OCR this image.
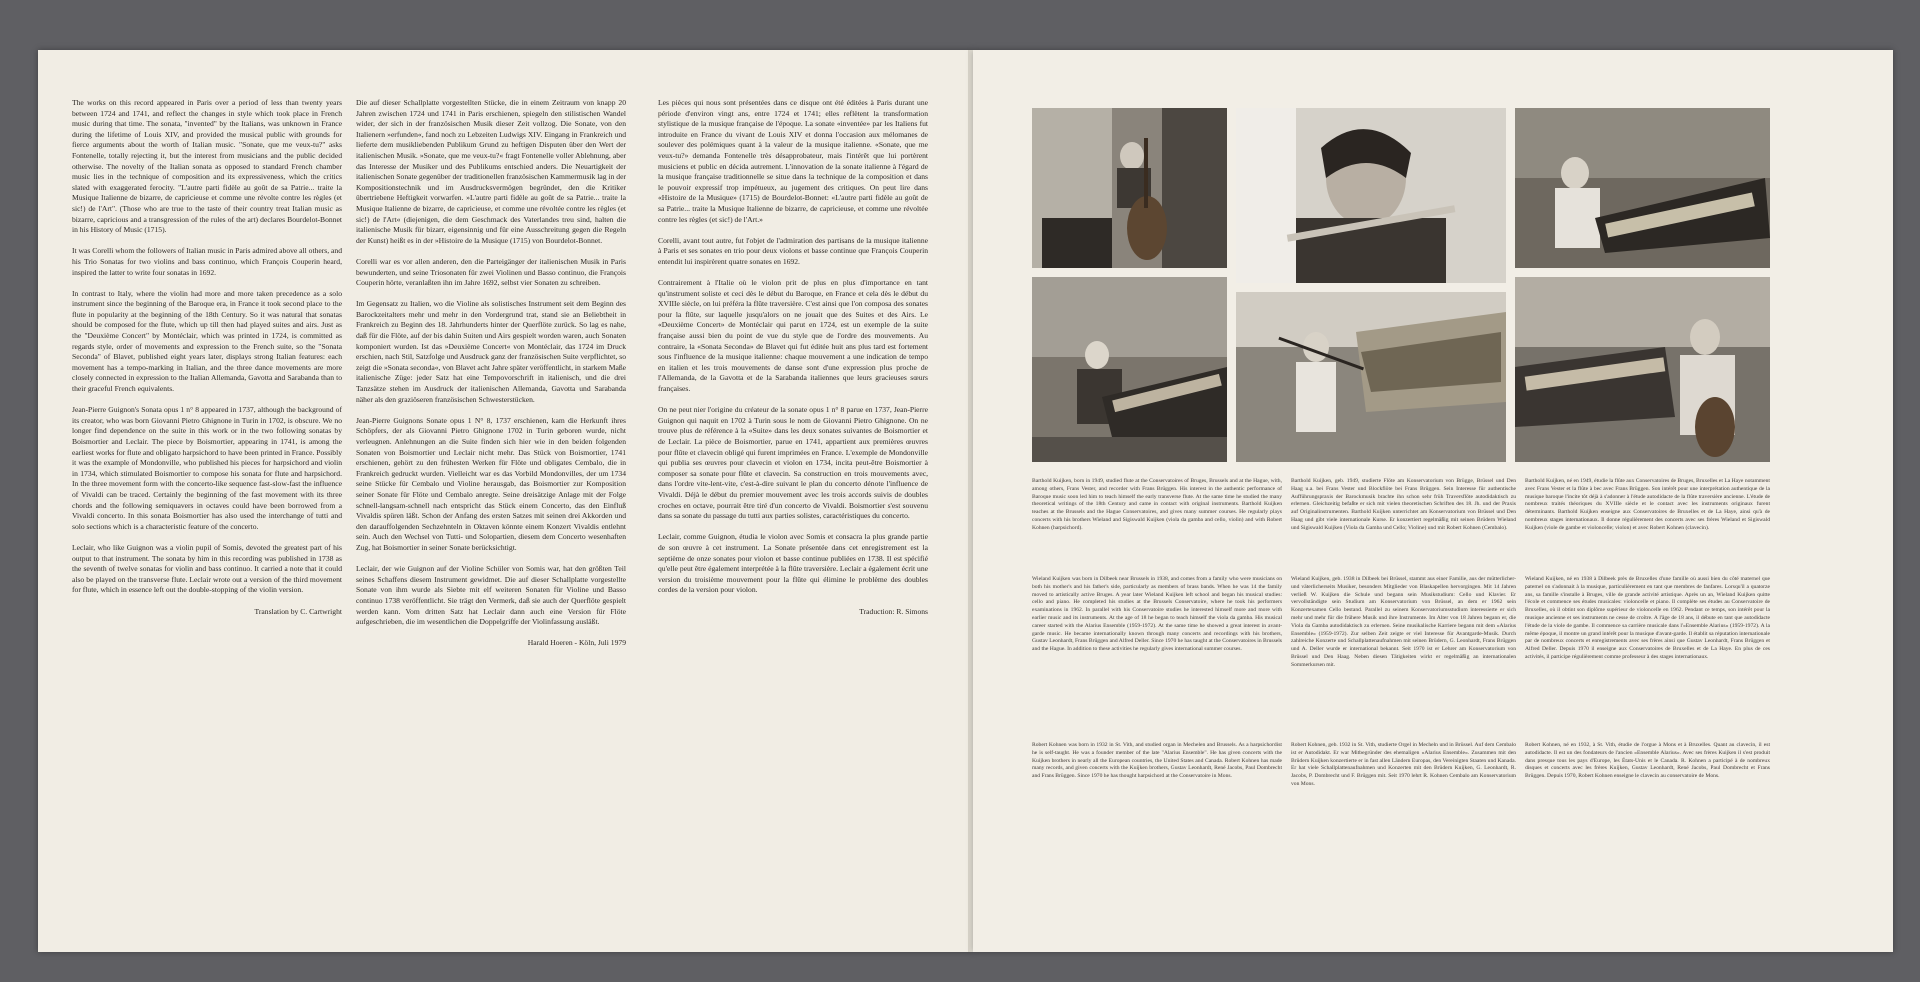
The works on this record appeared in Paris over a period of less than twenty years between 1724 and 1741, and reflect the changes in style which took place in French music during that time. The sonata, "invented" by the Italians, was unknown in France during the lifetime of Louis XIV, and provided the musical public with grounds for fierce arguments about the worth of Italian music. "Sonate, que me veux-tu?" asks Fontenelle, totally rejecting it, but the interest from musicians and the public decided otherwise. The novelty of the Italian sonata as opposed to standard French chamber music lies in the technique of composition and its expressiveness, which the critics slated with exaggerated ferocity. "L'autre parti fidèle au goût de sa Patrie... traite la Musique Italienne de bizarre, de capricieuse et comme une révolte contre les règles (et sic!) de l'Art". (Those who are true to the taste of their country treat Italian music as bizarre, capricious and a transgression of the rules of the art) declares Bourdelot-Bonnet in his History of Music (1715).

It was Corelli whom the followers of Italian music in Paris admired above all others, and his Trio Sonatas for two violins and bass continuo, which François Couperin heard, inspired the latter to write four sonatas in 1692.

In contrast to Italy, where the violin had more and more taken precedence as a solo instrument since the beginning of the Baroque era, in France it took second place to the flute in popularity at the beginning of the 18th Century. So it was natural that sonatas should be composed for the flute, which up till then had played suites and airs. Just as the "Deuxième Concert" by Montéclair, which was printed in 1724, is committed as regards style, order of movements and expression to the French suite, so the "Sonata Seconda" of Blavet, published eight years later, displays strong Italian features: each movement has a tempo-marking in Italian, and the three dance movements are more closely connected in expression to the Italian Allemanda, Gavotta and Sarabanda than to their graceful French equivalents.

Jean-Pierre Guignon's Sonata opus 1 n° 8 appeared in 1737, although the background of its creator, who was born Giovanni Pietro Ghignone in Turin in 1702, is obscure. We no longer find dependence on the suite in this work or in the two following sonatas by Boismortier and Leclair. The piece by Boismortier, appearing in 1741, is among the earliest works for flute and obligato harpsichord to have been printed in France. Possibly it was the example of Mondonville, who published his pieces for harpsichord and violin in 1734, which stimulated Boismortier to compose his sonata for flute and harpsichord. In the three movement form with the concerto-like sequence fast-slow-fast the influence of Vivaldi can be traced. Certainly the beginning of the fast movement with its three chords and the following semiquavers in octaves could have been borrowed from a Vivaldi concerto. In this sonata Boismortier has also used the interchange of tutti and solo sections which is a characteristic feature of the concerto.

Leclair, who like Guignon was a violin pupil of Somis, devoted the greatest part of his output to that instrument. The sonata by him in this recording was published in 1738 as the seventh of twelve sonatas for violin and bass continuo. It carried a note that it could also be played on the transverse flute. Leclair wrote out a version of the third movement for flute, which in essence left out the double-stopping of the violin version.

Translation by C. Cartwright

Die auf dieser Schallplatte vorgestellten Stücke, die in einem Zeitraum von knapp 20 Jahren zwischen 1724 und 1741 in Paris erschienen, spiegeln den stilistischen Wandel wider, der sich in der französischen Musik dieser Zeit vollzog. Die Sonate, von den Italienern »erfunden«, fand noch zu Lebzeiten Ludwigs XIV. Eingang in Frankreich und lieferte dem musikliebenden Publikum Grund zu heftigen Disputen über den Wert der italienischen Musik. »Sonate, que me veux-tu?« fragt Fontenelle voller Ablehnung, aber das Interesse der Musiker und des Publikums entschied anders. Die Neuartigkeit der italienischen Sonate gegenüber der traditionellen französischen Kammermusik lag in der Kompositionstechnik und im Ausdrucksvermögen begründet, den die Kritiker übertriebene Heftigkeit vorwarfen. »L'autre parti fidèle au goût de sa Patrie... traite la Musique Italienne de bizarre, de capricieuse, et comme une révoltée contre les règles (et sic!) de l'Art« (diejenigen, die dem Geschmack des Vaterlandes treu sind, halten die italienische Musik für bizarr, eigensinnig und für eine Ausschreitung gegen die Regeln der Kunst) heißt es in der »Histoire de la Musique (1715) von Bourdelot-Bonnet.

Corelli war es vor allen anderen, den die Parteigänger der italienischen Musik in Paris bewunderten, und seine Triosonaten für zwei Violinen und Basso continuo, die François Couperin hörte, veranlaßten ihn im Jahre 1692, selbst vier Sonaten zu schreiben.

Im Gegensatz zu Italien, wo die Violine als solistisches Instrument seit dem Beginn des Barockzeitalters mehr und mehr in den Vordergrund trat, stand sie an Beliebtheit in Frankreich zu Beginn des 18. Jahrhunderts hinter der Querflöte zurück. So lag es nahe, daß für die Flöte, auf der bis dahin Suiten und Airs gespielt worden waren, auch Sonaten komponiert wurden. Ist das »Deuxième Concert« von Montéclair, das 1724 im Druck erschien, nach Stil, Satzfolge und Ausdruck ganz der französischen Suite verpflichtet, so zeigt die »Sonata seconda«, von Blavet acht Jahre später veröffentlicht, in starkem Maße italienische Züge: jeder Satz hat eine Tempovorschrift in italienisch, und die drei Tanzsätze stehen im Ausdruck der italienischen Allemanda, Gavotta und Sarabanda näher als den graziöseren französischen Schwesterstücken.

Jean-Pierre Guignons Sonate opus 1 N° 8, 1737 erschienen, kam die Herkunft ihres Schöpfers, der als Giovanni Pietro Ghignone 1702 in Turin geboren wurde, nicht verleugnen. Anlehnungen an die Suite finden sich hier wie in den beiden folgenden Sonaten von Boismortier und Leclair nicht mehr. Das Stück von Boismortier, 1741 erschienen, gehört zu den frühesten Werken für Flöte und obligates Cembalo, die in Frankreich gedruckt wurden. Vielleicht war es das Vorbild Mondonvilles, der um 1734 seine Stücke für Cembalo und Violine herausgab, das Boismortier zur Komposition seiner Sonate für Flöte und Cembalo anregte. Seine dreisätzige Anlage mit der Folge schnell-langsam-schnell nach entspricht das Stück einem Concerto, das den Einfluß Vivaldis spüren läßt. Schon der Anfang des ersten Satzes mit seinen drei Akkorden und den darauffolgenden Sechzehnteln in Oktaven könnte einem Konzert Vivaldis entlehnt sein. Auch den Wechsel von Tutti- und Solopartien, diesem dem Concerto wesenhaften Zug, hat Boismortier in seiner Sonate berücksichtigt.

Leclair, der wie Guignon auf der Violine Schüler von Somis war, hat den größten Teil seines Schaffens diesem Instrument gewidmet. Die auf dieser Schallplatte vorgestellte Sonate von ihm wurde als Siebte mit elf weiteren Sonaten für Violine und Basso continuo 1738 veröffentlicht. Sie trägt den Vermerk, daß sie auch der Querflöte gespielt werden kann. Vom dritten Satz hat Leclair dann auch eine Version für Flöte aufgeschrieben, die im wesentlichen die Doppelgriffe der Violinfassung ausläßt.

Harald Hoeren - Köln, Juli 1979

Les pièces qui nous sont présentées dans ce disque ont été éditées à Paris durant une période d'environ vingt ans, entre 1724 et 1741; elles reflètent la transformation stylistique de la musique française de l'époque. La sonate «inventée» par les Italiens fut introduite en France du vivant de Louis XIV et donna l'occasion aux mélomanes de soulever des polémiques quant à la valeur de la musique italienne. «Sonate, que me veux-tu?» demanda Fontenelle très désapprobateur, mais l'intérêt que lui portèrent musiciens et public en décida autrement. L'innovation de la sonate italienne à l'égard de la musique française traditionnelle se situe dans la technique de la composition et dans le pouvoir expressif trop impétueux, au jugement des critiques. On peut lire dans «Histoire de la Musique» (1715) de Bourdelot-Bonnet: «L'autre parti fidèle au goût de sa Patrie... traite la Musique Italienne de bizarre, de capricieuse, et comme une révoltée contre les règles (et sic!) de l'Art.»

Corelli, avant tout autre, fut l'objet de l'admiration des partisans de la musique italienne à Paris et ses sonates en trio pour deux violons et basse continue que François Couperin entendit lui inspirèrent quatre sonates en 1692.

Contrairement à l'Italie où le violon prit de plus en plus d'importance en tant qu'instrument soliste et ceci dès le début du Baroque, en France et cela dès le début du XVIIIe siècle, on lui préféra la flûte traversière. C'est ainsi que l'on composa des sonates pour la flûte, sur laquelle jusqu'alors on ne jouait que des Suites et des Airs. Le «Deuxième Concert» de Montéclair qui parut en 1724, est un exemple de la suite française aussi bien du point de vue du style que de l'ordre des mouvements. Au contraire, la «Sonata Seconda» de Blavet qui fut éditée huit ans plus tard est fortement sous l'influence de la musique italienne: chaque mouvement a une indication de tempo en italien et les trois mouvements de danse sont d'une expression plus proche de l'Allemanda, de la Gavotta et de la Sarabanda italiennes que leurs gracieuses sœurs françaises.

On ne peut nier l'origine du créateur de la sonate opus 1 n° 8 parue en 1737, Jean-Pierre Guignon qui naquit en 1702 à Turin sous le nom de Giovanni Pietro Ghignone. On ne trouve plus de référence à la «Suite» dans les deux sonates suivantes de Boismortier et de Leclair. La pièce de Boismortier, parue en 1741, appartient aux premières œuvres pour flûte et clavecin obligé qui furent imprimées en France. L'exemple de Mondonville qui publia ses œuvres pour clavecin et violon en 1734, incita peut-être Boismortier à composer sa sonate pour flûte et clavecin. Sa construction en trois mouvements avec, dans l'ordre vite-lent-vite, c'est-à-dire suivant le plan du concerto dénote l'influence de Vivaldi. Déjà le début du premier mouvement avec les trois accords suivis de doubles croches en octave, pourrait être tiré d'un concerto de Vivaldi. Boismortier s'est souvenu dans sa sonate du passage du tutti aux parties solistes, caractéristiques du concerto.

Leclair, comme Guignon, étudia le violon avec Somis et consacra la plus grande partie de son œuvre à cet instrument. La Sonate présentée dans cet enregistrement est la septième de onze sonates pour violon et basse continue publiées en 1738. Il est spécifié qu'elle peut être également interprétée à la flûte traversière. Leclair a également écrit une version du troisième mouvement pour la flûte qui élimine le problème des doubles cordes de la version pour violon.

Traduction: R. Simons

Barthold Kuijken, born in 1949, studied flute at the Conservatoires of Bruges, Brussels and at the Hague, with, among others, Frans Vester, and recorder with Frans Brüggen. His interest in the authentic performance of Baroque music soon led him to teach himself the early transverse flute. At the same time he studied the many theoretical writings of the 18th Century and came in contact with original instruments. Barthold Kuijken teaches at the Brussels and the Hague Conservatoires, and gives many summer courses. He regularly plays concerts with his brothers Wieland and Sigiswald Kuijken (viola da gamba and cello, violin) and with Robert Kohnen (harpsichord).

Barthold Kuijken, geb. 1949, studierte Flöte am Konservatorium von Brügge, Brüssel und Den Haag u.a. bei Frans Vester und Blockflöte bei Frans Brüggen. Sein Interesse für authentische Aufführungspraxis der Barockmusik brachte ihn schon sehr früh Traversflöte autodidaktisch zu erlernen. Gleichzeitig befaßte er sich mit vielen theoretischen Schriften des 18. Jh. und der Praxis auf Originalinstrumenten. Barthold Kuijken unterrichtet am Konservatorium von Brüssel und Den Haag und gibt viele internationale Kurse. Er konzertiert regelmäßig mit seinen Brüdern Wieland und Sigiswald Kuijken (Viola da Gamba und Cello; Violine) und mit Robert Kohnen (Cembalo).

Barthold Kuijken, né en 1949, étudie la flûte aux Conservatoires de Bruges, Bruxelles et La Haye notamment avec Frans Vester et la flûte à bec avec Frans Brüggen. Son intérêt pour une interprétation authentique de la musique baroque l'incite tôt déjà à s'adonner à l'étude autodidacte de la flûte traversière ancienne. L'étude de nombreux traités théoriques du XVIIIe siècle et le contact avec les instruments originaux furent déterminants. Barthold Kuijken enseigne aux Conservatoires de Bruxelles et de La Haye, ainsi qu'à de nombreux stages internationaux. Il donne régulièrement des concerts avec ses frères Wieland et Sigiswald Kuijken (viole de gambe et violoncelle; violon) et avec Robert Kohnen (clavecin).

Wieland Kuijken was born in Dilbeek near Brussels in 1938, and comes from a family who were musicians on both his mother's and his father's side, particularly as members of brass bands. When he was 14 the family moved to artistically active Bruges. A year later Wieland Kuijken left school and began his musical studies: cello and piano. He completed his studies at the Brussels Conservatoire, where he took his performers examinations in 1962. In parallel with his Conservatoire studies he interested himself more and more with earlier music and its instruments. At the age of 18 he began to teach himself the viola da gamba. His musical career started with the Alarius Ensemble (1959-1972). At the same time he showed a great interest in avant-garde music. He became internationally known through many concerts and recordings with his brothers, Gustav Leonhardt, Frans Brüggen and Alfred Deller. Since 1970 he has taught at the Conservatoires in Brussels and the Hague. In addition to these activities he regularly gives international summer courses.

Wieland Kuijken, geb. 1938 in Dilbeek bei Brüssel, stammt aus einer Familie, aus der mütterlicher- und väterlicherseits Musiker, besonders Mitglieder von Blaskapellen hervorgingen. Mit 14 Jahren verließ W. Kuijken die Schule und begann sein Musikstudium: Cello und Klavier. Er vervollständigte sein Studium am Konservatorium von Brüssel, an dem er 1962 sein Konzertexamen Cello bestand. Parallel zu seinem Konservatoriumsstudium interessierte er sich mehr und mehr für die frühere Musik und ihre Instrumente. Im Alter von 18 Jahren begann er, die Viola da Gamba autodidaktisch zu erlernen. Seine musikalische Karriere begann mit dem »Alarius Ensemble« (1959-1972). Zur selben Zeit zeigte er viel Interesse für Avantgarde-Musik. Durch zahlreiche Konzerte und Schallplattenaufnahmen mit seinen Brüdern, G. Leonhardt, Frans Brüggen und A. Deller wurde er international bekannt. Seit 1970 ist er Lehrer am Konservatorium von Brüssel und Den Haag. Neben diesen Tätigkeiten wirkt er regelmäßig an internationalen Sommerkursen mit.

Wieland Kuijken, né en 1938 à Dilbeek près de Bruxelles d'une famille où aussi bien du côté maternel que paternel on s'adonnait à la musique, particulièrement en tant que membres de fanfares. Lorsqu'il a quatorze ans, sa famille s'installe à Bruges, ville de grande activité artistique. Après un an, Wieland Kuijken quitte l'école et commence ses études musicales: violoncelle et piano. Il complète ses études au Conservatoire de Bruxelles, où il obtint son diplôme supérieur de violoncelle en 1962. Pendant ce temps, son intérêt pour la musique ancienne et ses instruments ne cesse de croître. A l'âge de 18 ans, il débute en tant que autodidacte l'étude de la viole de gambe. Il commence sa carrière musicale dans l'«Ensemble Alarius» (1959-1972). A la même époque, il montre un grand intérêt pour la musique d'avant-garde. Il établit sa réputation internationale par de nombreux concerts et enregistrements avec ses frères ainsi que Gustav Leonhardt, Frans Brüggen et Alfred Deller. Depuis 1970 il enseigne aux Conservatoires de Bruxelles et de La Haye. En plus de ces activités, il participe régulièrement comme professeur à des stages internationaux.

Robert Kohnen was born in 1932 in St. Vith, and studied organ in Mechelen and Brussels. As a harpsichordist he is self-taught. He was a founder member of the late "Alarius Ensemble". He has given concerts with the Kuijken brothers in nearly all the European countries, the United States and Canada. Robert Kohnen has made many records, and given concerts with the Kuijken brothers, Gustav Leonhardt, René Jacobs, Paul Dombrecht and Frans Brüggen. Since 1970 he has thought harpsichord at the Conservatoire in Mons.

Robert Kohnen, geb. 1932 in St. Vith, studierte Orgel in Mecheln und in Brüssel. Auf dem Cembalo ist er Autodidakt. Er war Mitbegründer des ehemaligen »Alarius Ensemble«. Zusammen mit den Brüdern Kuijken konzertierte er in fast allen Ländern Europas, den Vereinigten Staaten und Kanada. Er hat viele Schallplattenaufnahmen und Konzerten mit den Brüdern Kuijken, G. Leonhardt, R. Jacobs, P. Dombrecht und F. Brüggen mit. Seit 1970 lehrt R. Kohnen Cembalo am Konservatorium von Mons.

Robert Kohnen, né en 1932, à St. Vith, étudie de l'orgue à Mons et à Bruxelles. Quant au clavecin, il est autodidacte. Il est un des fondateurs de l'ancien «Ensemble Alarius». Avec ses frères Kuijken il s'est produit dans presque tous les pays d'Europe, les États-Unis et le Canada. R. Kohnen a participé à de nombreux disques et concerts avec les frères Kuijken, Gustav Leonhardt, René Jacobs, Paul Dombrecht et Frans Brüggen. Depuis 1970, Robert Kohnen enseigne le clavecin au conservatoire de Mons.
